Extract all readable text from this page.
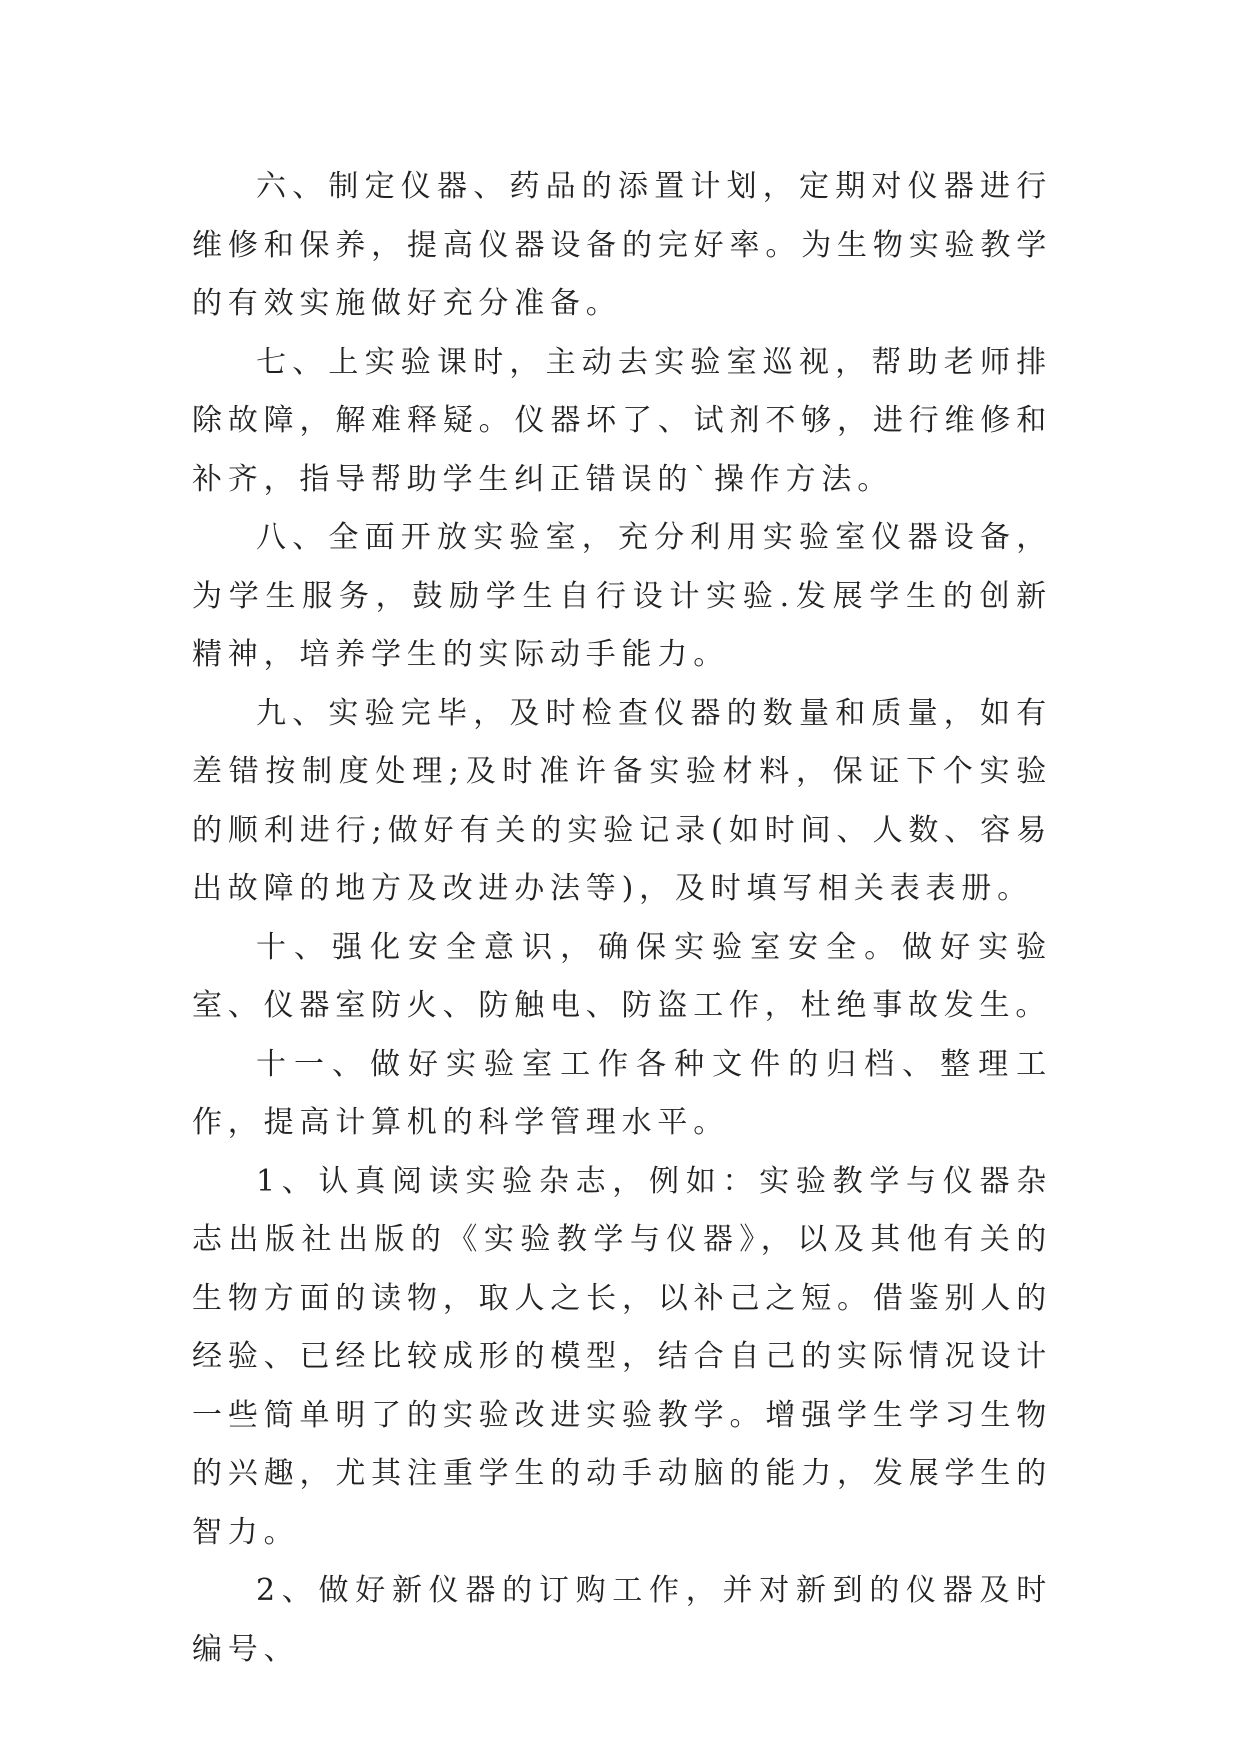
六、制定仪器、药品的添置计划，定期对仪器进行维修和保养，提高仪器设备的完好率。为生物实验教学的有效实施做好充分准备。

七、上实验课时，主动去实验室巡视，帮助老师排除故障，解难释疑。仪器坏了、试剂不够，进行维修和补齐，指导帮助学生纠正错误的`操作方法。

八、全面开放实验室，充分利用实验室仪器设备，为学生服务，鼓励学生自行设计实验.发展学生的创新精神，培养学生的实际动手能力。

九、实验完毕，及时检查仪器的数量和质量，如有差错按制度处理;及时准许备实验材料，保证下个实验的顺利进行;做好有关的实验记录(如时间、人数、容易出故障的地方及改进办法等)，及时填写相关表表册。

十、强化安全意识，确保实验室安全。做好实验室、仪器室防火、防触电、防盗工作，杜绝事故发生。

十一、做好实验室工作各种文件的归档、整理工作，提高计算机的科学管理水平。

1、认真阅读实验杂志，例如：实验教学与仪器杂志出版社出版的《实验教学与仪器》，以及其他有关的生物方面的读物，取人之长，以补己之短。借鉴别人的经验、已经比较成形的模型，结合自己的实际情况设计一些简单明了的实验改进实验教学。增强学生学习生物的兴趣，尤其注重学生的动手动脑的能力，发展学生的智力。

2、做好新仪器的订购工作，并对新到的仪器及时编号、
